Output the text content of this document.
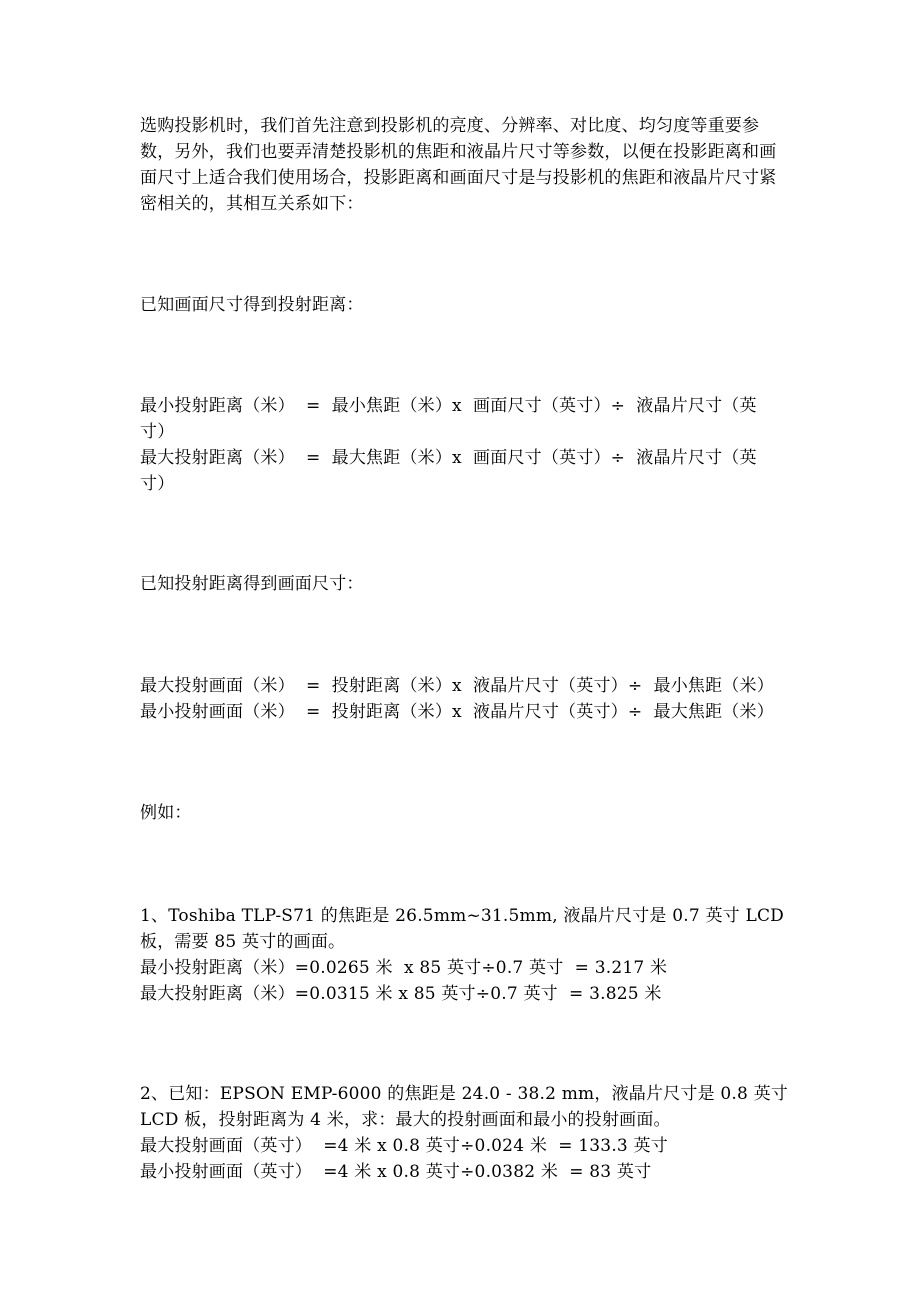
选购投影机时，我们首先注意到投影机的亮度、分辨率、对比度、均匀度等重要参数，另外，我们也要弄清楚投影机的焦距和液晶片尺寸等参数，以便在投影距离和画面尺寸上适合我们使用场合，投影距离和画面尺寸是与投影机的焦距和液晶片尺寸紧密相关的，其相互关系如下：
已知画面尺寸得到投射距离：
最小投射距离（米）  =  最小焦距（米）x  画面尺寸（英寸）÷  液晶片尺寸（英
寸）
最大投射距离（米）  =  最大焦距（米）x  画面尺寸（英寸）÷  液晶片尺寸（英
寸）
已知投射距离得到画面尺寸：
最大投射画面（米）  =  投射距离（米）x  液晶片尺寸（英寸）÷  最小焦距（米）
最小投射画面（米）  =  投射距离（米）x  液晶片尺寸（英寸）÷  最大焦距（米）
例如：
1、Toshiba TLP-S71 的焦距是 26.5mm~31.5mm, 液晶片尺寸是 0.7 英寸 LCD
板，需要 85 英寸的画面。
最小投射距离（米）=0.0265 米  x 85 英寸÷0.7 英寸  = 3.217 米
最大投射距离（米）=0.0315 米 x 85 英寸÷0.7 英寸  = 3.825 米
2、已知：EPSON EMP-6000 的焦距是 24.0 - 38.2 mm，液晶片尺寸是 0.8 英寸
LCD 板，投射距离为 4 米，求：最大的投射画面和最小的投射画面。
最大投射画面（英寸）  =4 米 x 0.8 英寸÷0.024 米  = 133.3 英寸
最小投射画面（英寸）  =4 米 x 0.8 英寸÷0.0382 米  = 83 英寸
